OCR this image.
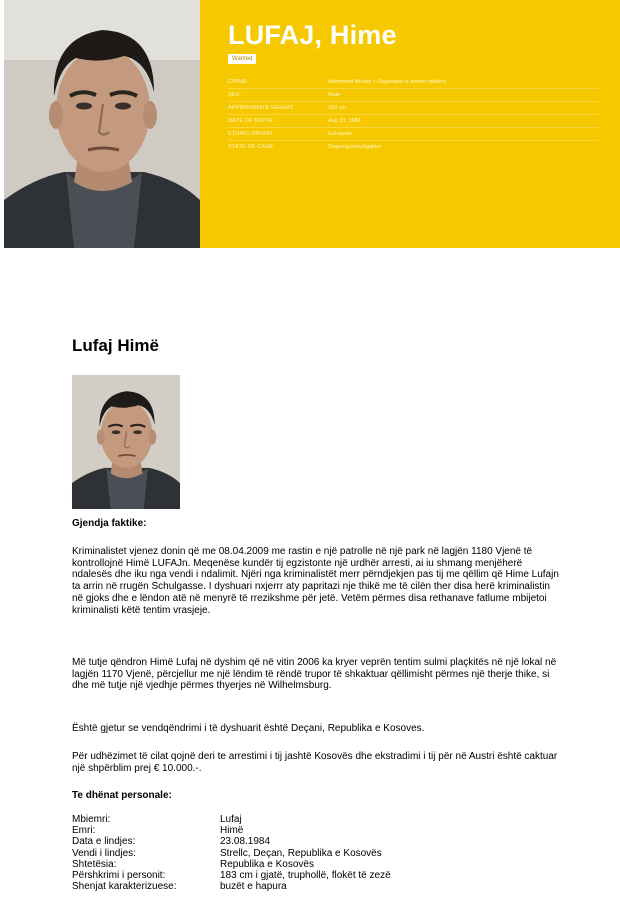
LUFAJ, Hime
Wanted
CRIME:	Attempted Murder • Organised or armed robbery
SEX:	Male
APPROXIMATE HEIGHT:	183 cm
DATE OF BIRTH:	Aug 23, 1984
ETHNIC ORIGIN:	European
STATE OF CASE:	Ongoing investigation
Lufaj Himë
Gjendja faktike:
Kriminalistet vjenez donin që me 08.04.2009 me rastin e një patrolle në një park në lagjën 1180 Vjenë të kontrollojnë Himë LUFAJn. Meqenëse kundër tij egzistonte një urdhër arresti, ai iu shmang menjëherë ndalesës dhe iku nga vendi i ndalimit. Njëri nga kriminalistët merr përndjekjen pas tij me qëllim që Hime Lufajn ta arrin në rrugën Schulgasse. I dyshuari nxjerrr aty papritazi nje thikë me të cilën ther disa herë kriminalistin në gjoks dhe e lëndon atë në menyrë të rrezikshme për jetë. Vetëm përmes disa rethanave fatlume mbijetoi kriminalisti këtë tentim vrasjeje.
Më tutje qëndron Himë Lufaj në dyshim që në vitin 2006 ka kryer veprën tentim sulmi plaçkitës në një lokal në lagjën 1170 Vjenë, përcjellur me një lëndim të rëndë trupor të shkaktuar qëllimisht përmes një therje thike, si dhe më tutje një vjedhje përmes thyerjes në Wilhelmsburg.
Është gjetur se vendqëndrimi i të dyshuarit është Deçani, Republika e Kosoves.
Për udhëzimet të cilat qojnë deri te arrestimi i tij jashtë Kosovës dhe ekstradimi i tij për në Austri është caktuar një shpërblim prej € 10.000.-.
Te dhënat personale:
Mbiemri:	Lufaj
Emri:	Himë
Data e lindjes:	23.08.1984
Vendi i lindjes:	Strellc, Deçan, Republika e Kosovës
Shtetësia:	Republika e Kosovës
Përshkrimi i personit:	183 cm i gjatë, truphollë, flokët të zezë
Shenjat karakterizuese:	buzët e hapura
